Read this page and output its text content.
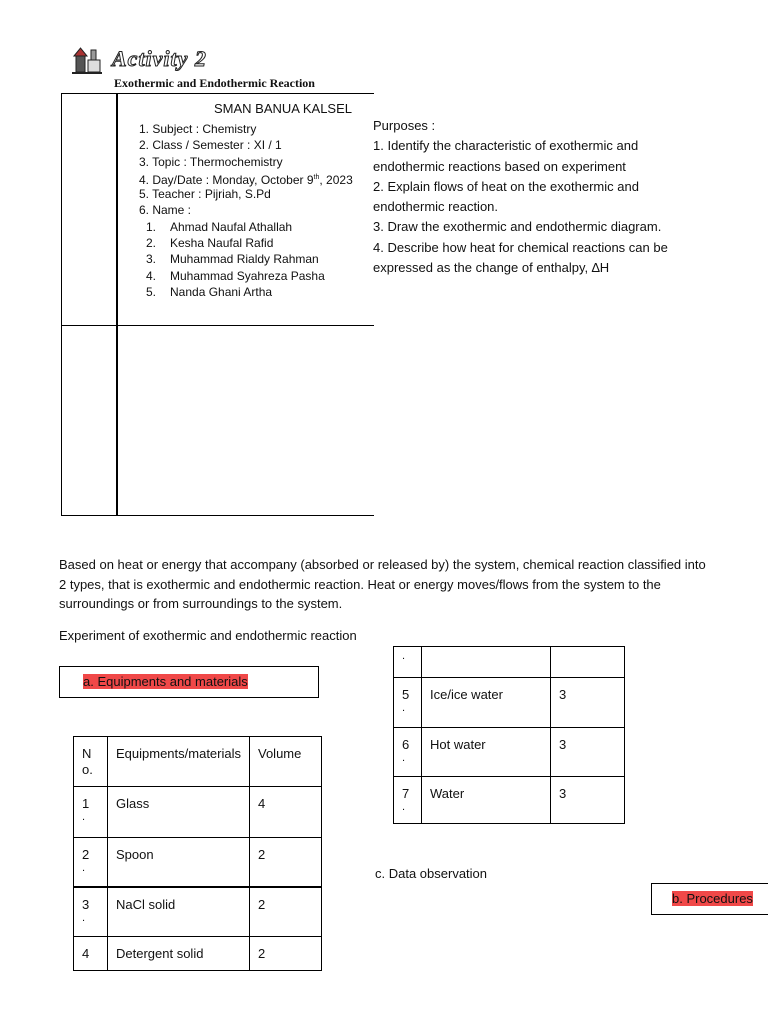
Activity 2
Exothermic and Endothermic Reaction
SMAN BANUA KALSEL
1. Subject : Chemistry
2. Class / Semester : XI / 1
3. Topic : Thermochemistry
4. Day/Date : Monday, October 9th, 2023
5. Teacher : Pijriah, S.Pd
6. Name :
1. Ahmad Naufal Athallah
2. Kesha Naufal Rafid
3. Muhammad Rialdy Rahman
4. Muhammad Syahreza Pasha
5. Nanda Ghani Artha
Purposes :
1. Identify the characteristic of exothermic and endothermic reactions based on experiment
2. Explain flows of heat on the exothermic and endothermic reaction.
3. Draw the exothermic and endothermic diagram.
4. Describe how heat for chemical reactions can be expressed as the change of enthalpy, ∆H
Based on heat or energy that accompany (absorbed or released by) the system, chemical reaction classified into 2 types, that is exothermic and endothermic reaction. Heat or energy moves/flows from the system to the surroundings or from surroundings to the system.
Experiment of exothermic and endothermic reaction
a. Equipments and materials
b. Procedures
c. Data observation
N o.	Equipments/materials	Volume

1
.	Glass	4

2
.	Spoon	2

3
.	NaCl solid	2

4	Detergent solid	2
.		

5
.	Ice/ice water	3

6
.	Hot water	3

7
.	Water	3
